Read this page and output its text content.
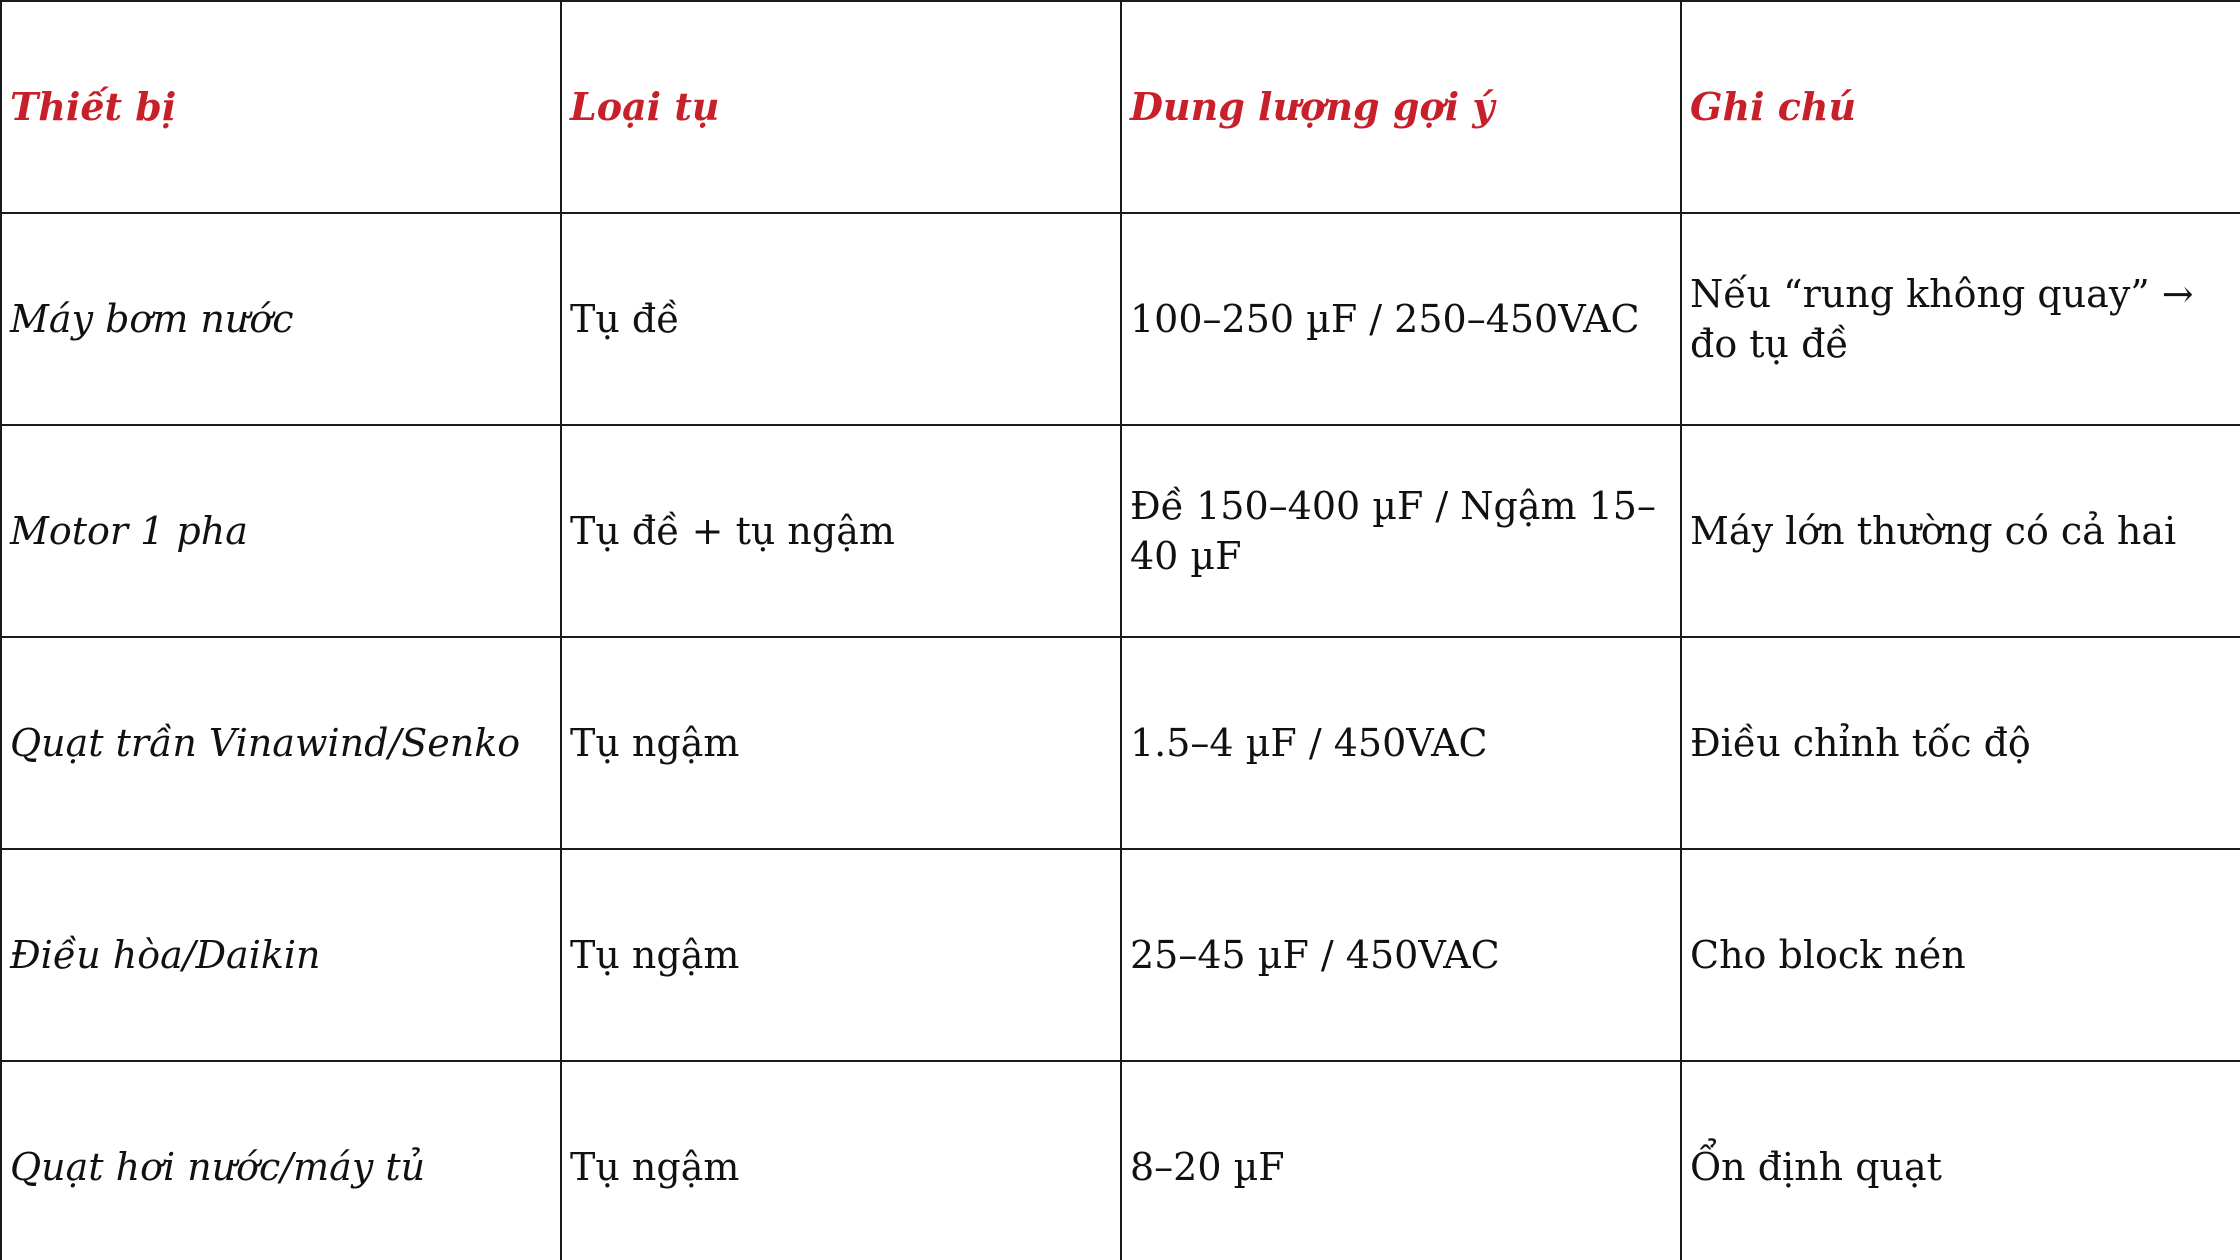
Thiết bị	Loại tụ	Dung lượng gợi ý	Ghi chú
Máy bơm nước	Tụ đề	100–250 µF / 250–450VAC	Nếu “rung không quay” → đo tụ đề
Motor 1 pha	Tụ đề + tụ ngậm	Đề 150–400 µF / Ngậm 15–40 µF	Máy lớn thường có cả hai
Quạt trần Vinawind/Senko	Tụ ngậm	1.5–4 µF / 450VAC	Điều chỉnh tốc độ
Điều hòa/Daikin	Tụ ngậm	25–45 µF / 450VAC	Cho block nén
Quạt hơi nước/máy tủ	Tụ ngậm	8–20 µF	Ổn định quạt
